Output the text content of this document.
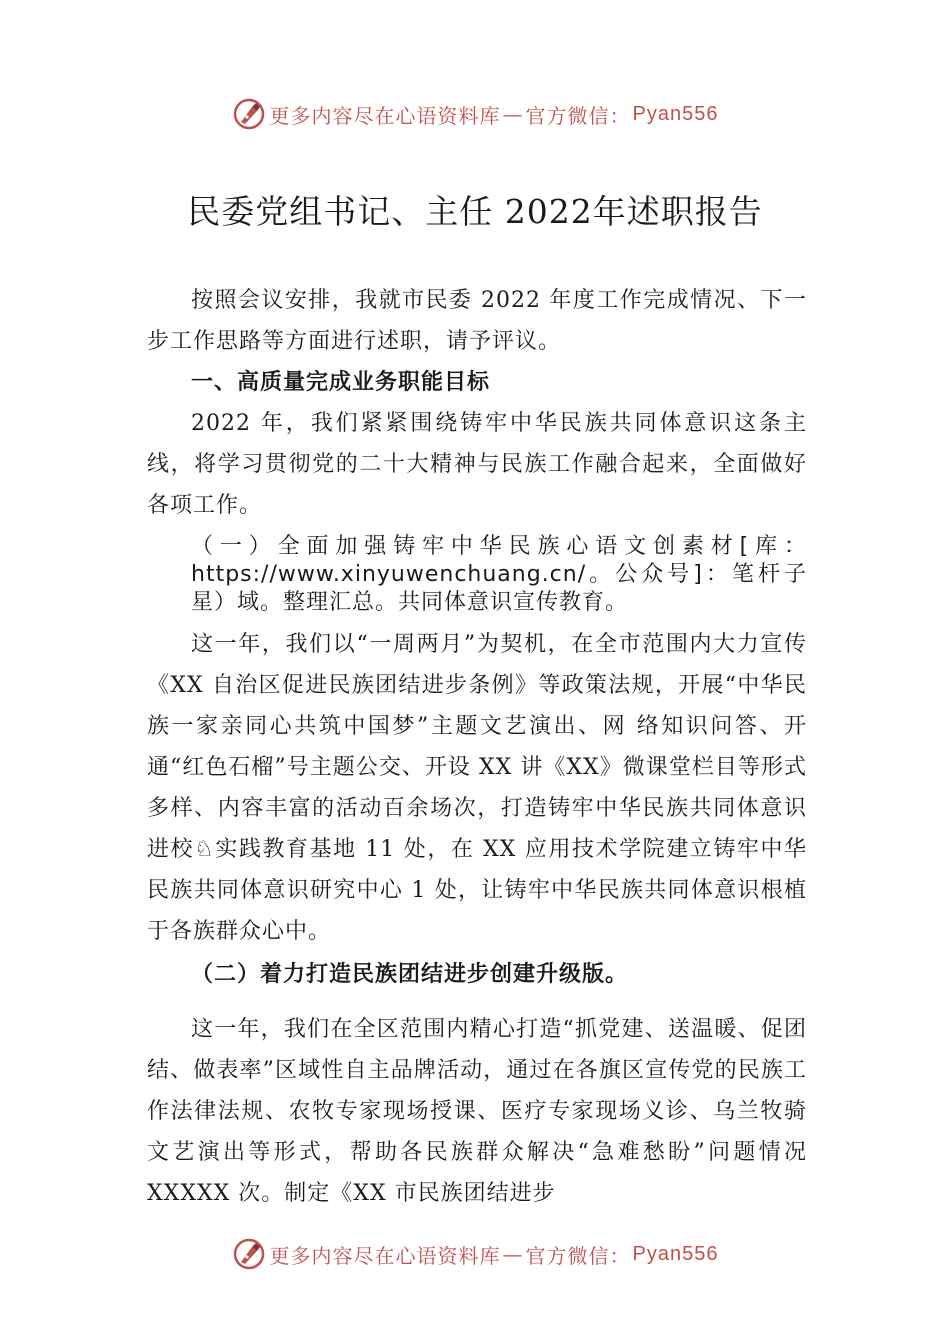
更多内容尽在心语资料库 — 官方微信： Pyan556
民委党组书记、主任 2022年述职报告

按照会议安排，我就市民委 2022 年度工作完成情况、下一步工作思路等方面进行述职，请予评议。

一、高质量完成业务职能目标

2022 年，我们紧紧围绕铸牢中华民族共同体意识这条主线，将学习贯彻党的二十大精神与民族工作融合起来，全面做好各项工作。

（一）全面加强铸牢中华民族心语文创素材[库：https://www.xinyuwenchuang.cn/。公众号]：笔杆子星）域。整理汇总。共同体意识宣传教育。

这一年，我们以“一周两月”为契机，在全市范围内大力宣传《XX 自治区促进民族团结进步条例》等政策法规，开展“中华民族一家亲同心共筑中国梦”主题文艺演出、网 络知识问答、开通“红色石榴”号主题公交、开设 XX 讲《XX》微课堂栏目等形式多样、内容丰富的活动百余场次，打造铸牢中华民族共同体意识进校♘实践教育基地 11 处，在 XX 应用技术学院建立铸牢中华民族共同体意识研究中心 1 处，让铸牢中华民族共同体意识根植于各族群众心中。

（二）着力打造民族团结进步创建升级版。

这一年，我们在全区范围内精心打造“抓党建、送温暖、促团结、做表率”区域性自主品牌活动，通过在各旗区宣传党的民族工作法律法规、农牧专家现场授课、医疗专家现场义诊、乌兰牧骑文艺演出等形式，帮助各民族群众解决“急难愁盼”问题情况 XXXXX 次。制定《XX 市民族团结进步

更多内容尽在心语资料库 — 官方微信： Pyan556
